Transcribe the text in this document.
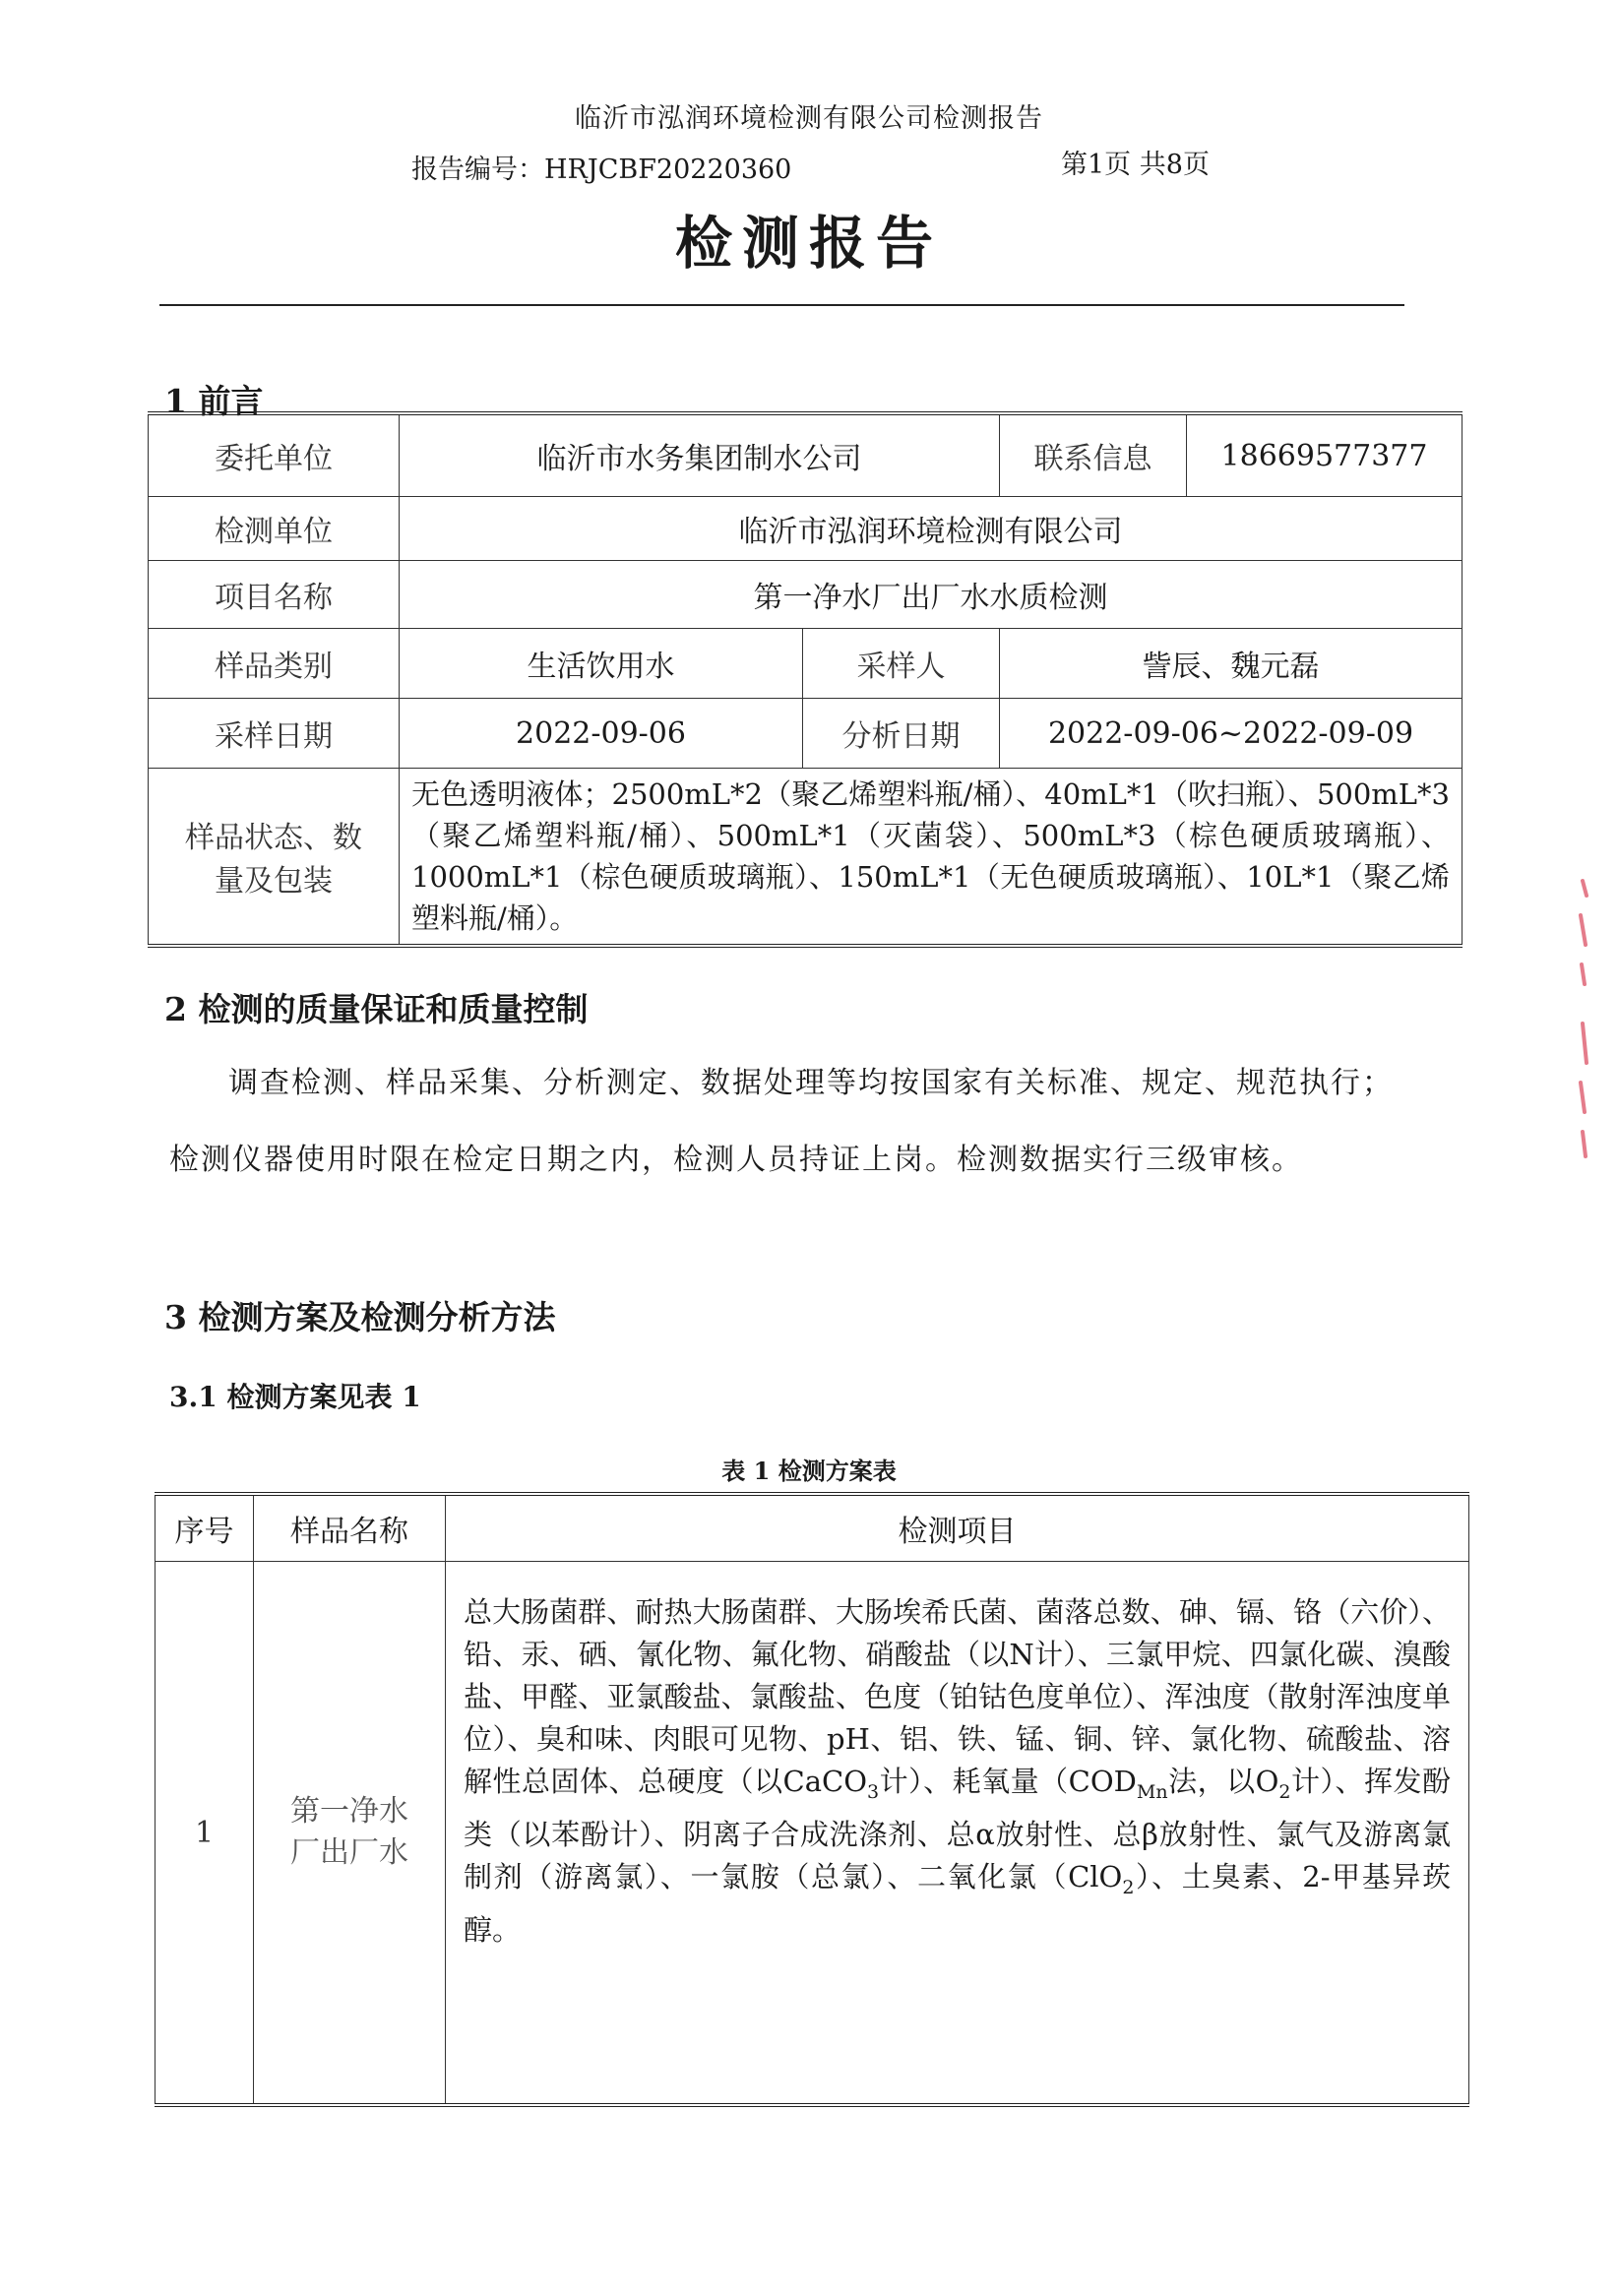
临沂市泓润环境检测有限公司检测报告
报告编号：HRJCBF20220360	第1页 共8页
检测报告
1 前言
委托单位	临沂市水务集团制水公司		联系信息	18669577377
检测单位	临沂市泓润环境检测有限公司			
项目名称	第一净水厂出厂水水质检测			
样品类别	生活饮用水	采样人	訾辰、魏元磊	
采样日期	2022-09-06	分析日期	2022-09-06~2022-09-09	

样品状态、数
量及包装	无色透明液体；2500mL*2（聚乙烯塑料瓶/桶）、40mL*1（吹扫瓶）、500mL*3（聚乙烯塑料瓶/桶）、500mL*1（灭菌袋）、500mL*3（棕色硬质玻璃瓶）、1000mL*1（棕色硬质玻璃瓶）、150mL*1（无色硬质玻璃瓶）、10L*1（聚乙烯塑料瓶/桶）。			
2 检测的质量保证和质量控制
调查检测、样品采集、分析测定、数据处理等均按国家有关标准、规定、规范执行；检测仪器使用时限在检定日期之内，检测人员持证上岗。检测数据实行三级审核。
3 检测方案及检测分析方法
3.1 检测方案见表 1
表 1 检测方案表
序号	样品名称	检测项目
1	第一净水
厂出厂水	总大肠菌群、耐热大肠菌群、大肠埃希氏菌、菌落总数、砷、镉、铬（六价）、铅、汞、硒、氰化物、氟化物、硝酸盐（以N计）、三氯甲烷、四氯化碳、溴酸盐、甲醛、亚氯酸盐、氯酸盐、色度（铂钴色度单位）、浑浊度（散射浑浊度单位）、臭和味、肉眼可见物、pH、铝、铁、锰、铜、锌、氯化物、硫酸盐、溶解性总固体、总硬度（以CaCO$_3$计）、耗氧量（$COD_{Mn}$法，以$O_2$计）、挥发酚类（以苯酚计）、阴离子合成洗涤剂、总α放射性、总β放射性、氯气及游离氯制剂（游离氯）、一氯胺（总氯）、二氧化氯（ClO$_2$）、土臭素、2-甲基异莰醇。
